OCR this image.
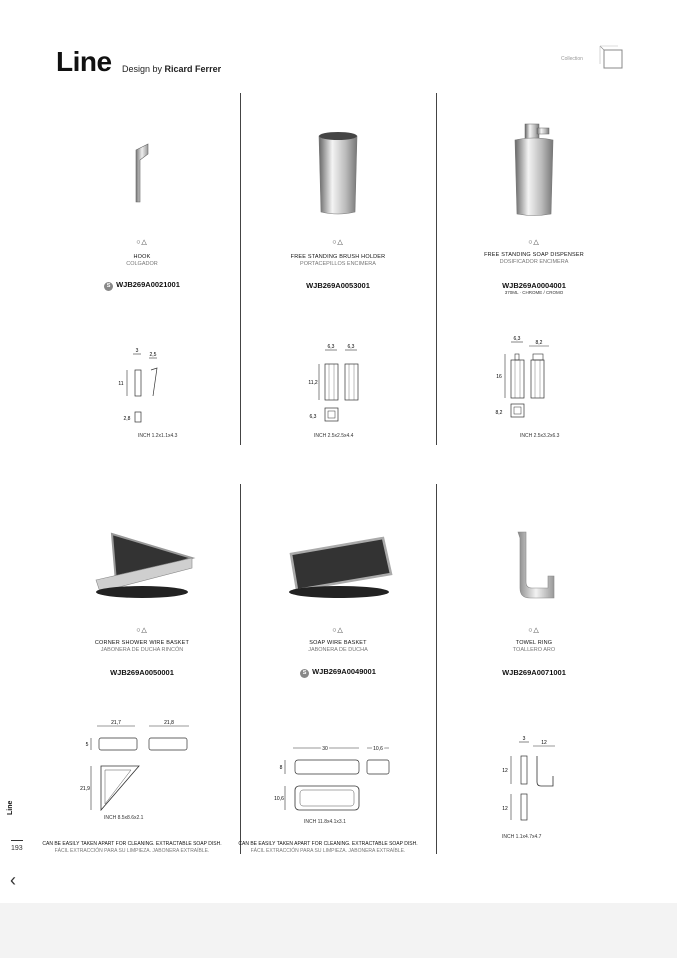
Line Design by Ricard Ferrer
Collection
○△
HOOK
COLGADOR
S WJB269A0021001
3
2,5
11
2,8
INCH 1.2x1.1x4.3
○△
FREE STANDING BRUSH HOLDER
PORTACEPILLOS ENCIMERA
WJB269A0053001
6,3	6,3
11,2
6,3
INCH 2.5x2.5x4.4
○△
FREE STANDING SOAP DISPENSER
DOSIFICADOR ENCIMERA
WJB269A0004001
370ML · CHROME / CROMO
6,3
8,2
16
8,2
INCH 2.5x3.2x6.3
○△
CORNER SHOWER WIRE BASKET
JABONERA DE DUCHA RINCÓN
WJB269A0050001
21,7	21,8
5
21,9
INCH 8.5x8.6x2.1
CAN BE EASILY TAKEN APART FOR CLEANING. EXTRACTABLE SOAP DISH.
FÁCIL EXTRACCIÓN PARA SU LIMPIEZA. JABONERA EXTRAÍBLE.
○△
SOAP WIRE BASKET
JABONERA DE DUCHA
S WJB269A0049001
30	10,6
8
10,6
INCH 11.8x4.1x3.1
CAN BE EASILY TAKEN APART FOR CLEANING. EXTRACTABLE SOAP DISH.
FÁCIL EXTRACCIÓN PARA SU LIMPIEZA. JABONERA EXTRAÍBLE.
○△
TOWEL RING
TOALLERO ARO
WJB269A0071001
3
12
12
12
INCH 1.1x4.7x4.7
Line
193
‹
